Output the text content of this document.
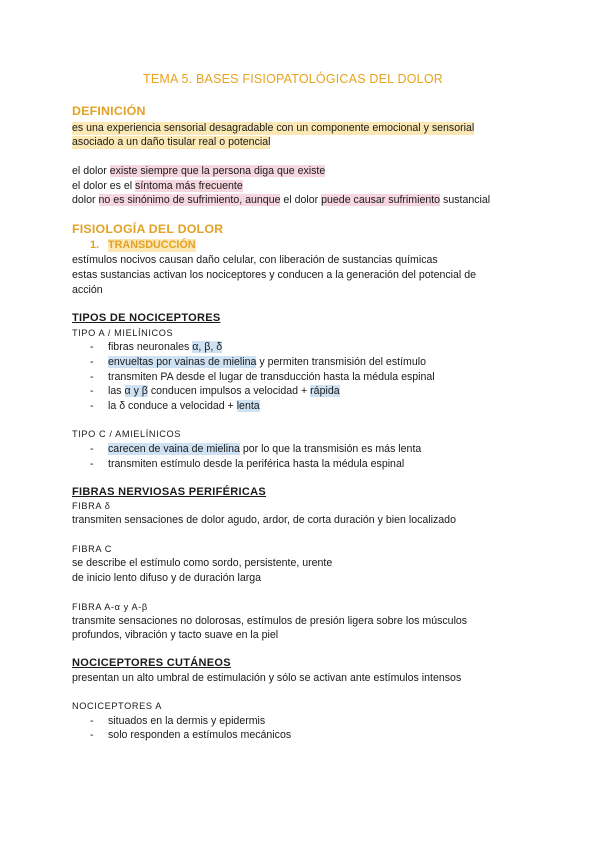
TEMA 5. BASES FISIOPATOLÓGICAS DEL DOLOR
DEFINICIÓN
es una experiencia sensorial desagradable con un componente emocional y sensorial
asociado a un daño tisular real o potencial
el dolor existe siempre que la persona diga que existe
el dolor es el síntoma más frecuente
dolor no es sinónimo de sufrimiento, aunque el dolor puede causar sufrimiento sustancial
FISIOLOGÍA DEL DOLOR
1. TRANSDUCCIÓN
estímulos nocivos causan daño celular, con liberación de sustancias químicas
estas sustancias activan los nociceptores y conducen a la generación del potencial de
acción
TIPOS DE NOCICEPTORES
TIPO A / MIELÍNICOS
- fibras neuronales α, β, δ
- envueltas por vainas de mielina y permiten transmisión del estímulo
- transmiten PA desde el lugar de transducción hasta la médula espinal
- las α y β conducen impulsos a velocidad + rápida
- la δ conduce a velocidad + lenta
TIPO C / AMIELÍNICOS
- carecen de vaina de mielina por lo que la transmisión es más lenta
- transmiten estímulo desde la periférica hasta la médula espinal
FIBRAS NERVIOSAS PERIFÉRICAS
FIBRA δ
transmiten sensaciones de dolor agudo, ardor, de corta duración y bien localizado
FIBRA C
se describe el estímulo como sordo, persistente, urente
de inicio lento difuso y de duración larga
FIBRA A-α y A-β
transmite sensaciones no dolorosas, estímulos de presión ligera sobre los músculos
profundos, vibración y tacto suave en la piel
NOCICEPTORES CUTÁNEOS
presentan un alto umbral de estimulación y sólo se activan ante estímulos intensos
NOCICEPTORES A
- situados en la dermis y epidermis
- solo responden a estímulos mecánicos
